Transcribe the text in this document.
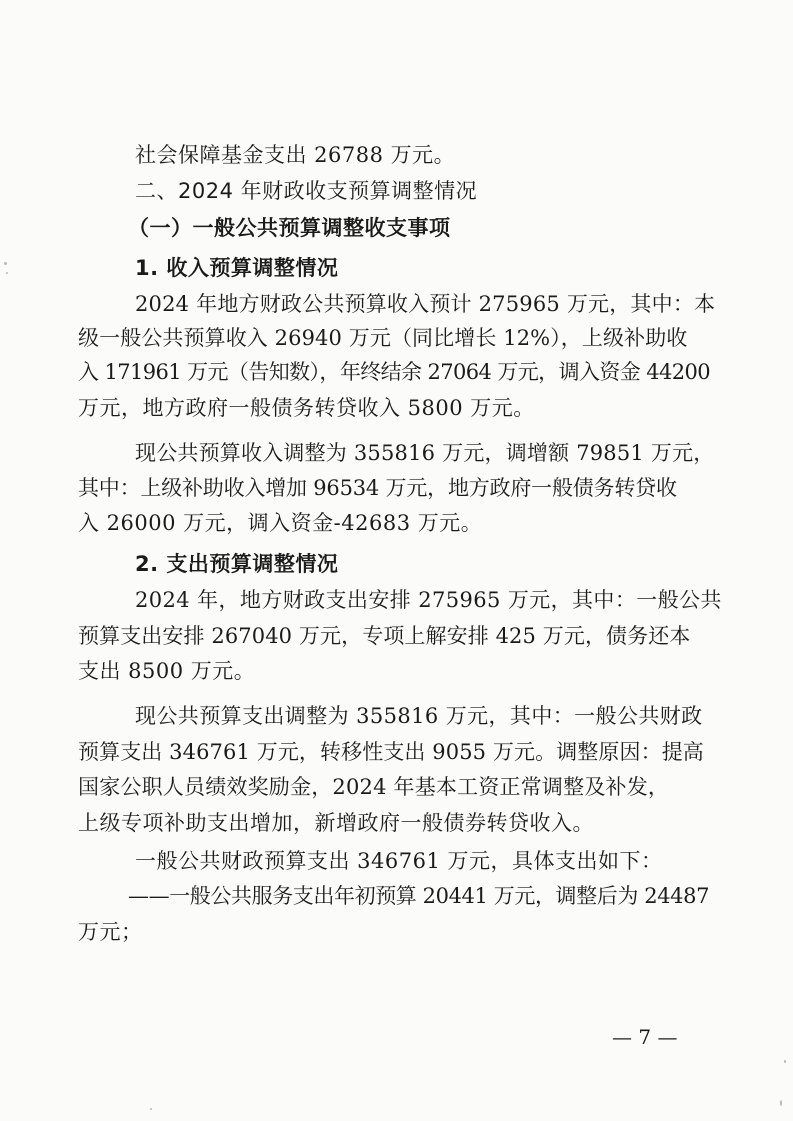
社会保障基金支出 26788 万元。
二、2024 年财政收支预算调整情况
（一）一般公共预算调整收支事项
1. 收入预算调整情况
2024 年地方财政公共预算收入预计 275965 万元，其中：本
级一般公共预算收入 26940 万元（同比增长 12%），上级补助收
入 171961 万元（告知数），年终结余 27064 万元，调入资金 44200
万元，地方政府一般债务转贷收入 5800 万元。
现公共预算收入调整为 355816 万元，调增额 79851 万元，
其中：上级补助收入增加 96534 万元，地方政府一般债务转贷收
入 26000 万元，调入资金-42683 万元。
2. 支出预算调整情况
2024 年，地方财政支出安排 275965 万元，其中：一般公共
预算支出安排 267040 万元，专项上解安排 425 万元，债务还本
支出 8500 万元。
现公共预算支出调整为 355816 万元，其中：一般公共财政
预算支出 346761 万元，转移性支出 9055 万元。调整原因：提高
国家公职人员绩效奖励金，2024 年基本工资正常调整及补发，
上级专项补助支出增加，新增政府一般债券转贷收入。
一般公共财政预算支出 346761 万元，具体支出如下：
——一般公共服务支出年初预算 20441 万元，调整后为 24487
万元；
— 7 —
